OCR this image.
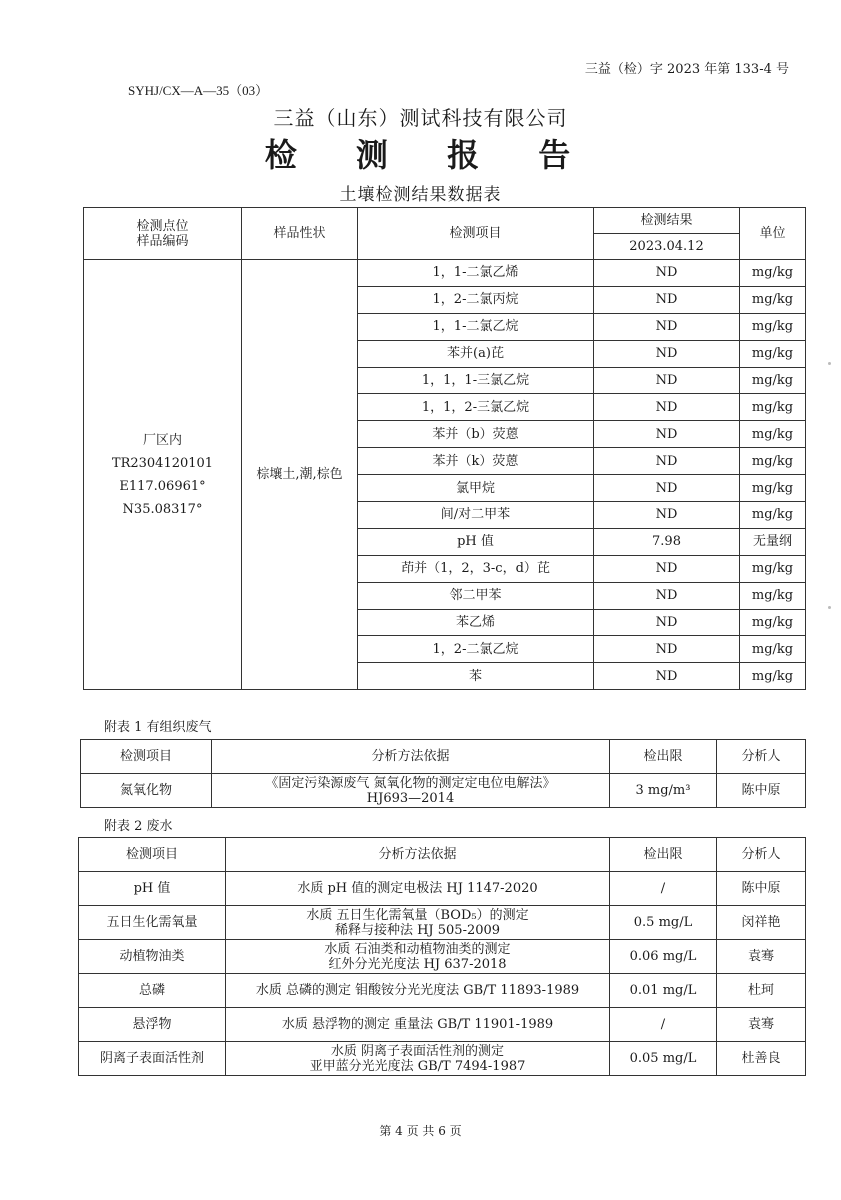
三益（检）字 2023 年第 133-4 号
SYHJ/CX—A—35（03）
三益（山东）测试科技有限公司
检 测 报 告
土壤检测结果数据表
检测点位
样品编码	样品性状	检测项目	检测结果	单位
			2023.04.12	

厂区内
TR2304120101
E117.06961°
N35.08317°	棕壤土,潮,棕色	1，1-二氯乙烯	ND	mg/kg
		1，2-二氯丙烷	ND	mg/kg
		1，1-二氯乙烷	ND	mg/kg
		苯并(a)芘	ND	mg/kg
		1，1，1-三氯乙烷	ND	mg/kg
		1，1，2-三氯乙烷	ND	mg/kg
		苯并（b）荧蒽	ND	mg/kg
		苯并（k）荧蒽	ND	mg/kg
		氯甲烷	ND	mg/kg
		间/对二甲苯	ND	mg/kg
		pH 值	7.98	无量纲
		茚并（1，2，3-c，d）芘	ND	mg/kg
		邻二甲苯	ND	mg/kg
		苯乙烯	ND	mg/kg
		1，2-二氯乙烷	ND	mg/kg
		苯	ND	mg/kg
附表 1 有组织废气
检测项目	分析方法依据	检出限	分析人
氮氧化物	《固定污染源废气 氮氧化物的测定定电位电解法》
HJ693—2014	3 mg/m³	陈中原
附表 2 废水
检测项目	分析方法依据	检出限	分析人
pH 值	水质 pH 值的测定电极法 HJ 1147-2020	/	陈中原
五日生化需氧量	水质 五日生化需氧量（BOD₅）的测定
稀释与接种法 HJ 505-2009	0.5 mg/L	闵祥艳
动植物油类	水质 石油类和动植物油类的测定
红外分光光度法 HJ 637-2018	0.06 mg/L	袁骞
总磷	水质 总磷的测定 钼酸铵分光光度法 GB/T 11893-1989	0.01 mg/L	杜珂
悬浮物	水质 悬浮物的测定 重量法 GB/T 11901-1989	/	袁骞
阴离子表面活性剂	水质 阴离子表面活性剂的测定
亚甲蓝分光光度法 GB/T 7494-1987	0.05 mg/L	杜善良
第 4 页 共 6 页
